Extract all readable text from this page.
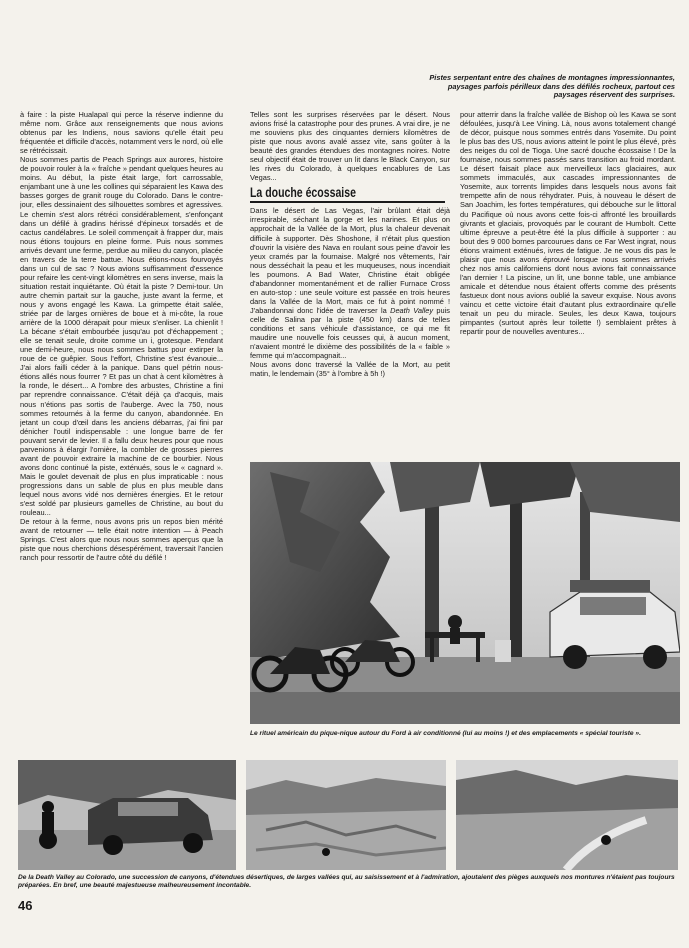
Pistes serpentant entre des chaînes de montagnes impressionnantes, paysages parfois périlleux dans des défilés rocheux, partout ces paysages réservent des surprises.

à faire : la piste Hualapaï qui perce la réserve indienne du même nom. Grâce aux renseignements que nous avions obtenus par les Indiens, nous savions qu'elle était peu fréquentée et difficile d'accès, notamment vers le nord, où elle se rétrécissait.

Nous sommes partis de Peach Springs aux aurores, histoire de pouvoir rouler à la « fraîche » pendant quelques heures au moins. Au début, la piste était large, fort carrossable, enjambant une à une les collines qui séparaient les Kawa des basses gorges de granit rouge du Colorado. Dans le contre-jour, elles dessinaient des silhouettes sombres et agressives. Le chemin s'est alors rétréci considérablement, s'enfonçant dans un défilé à gradins hérissé d'épineux torsadés et de cactus candélabres. Le soleil commençait à frapper dur, mais nous étions toujours en pleine forme. Puis nous sommes arrivés devant une ferme, perdue au milieu du canyon, placée en travers de la terre battue. Nous étions-nous fourvoyés dans un cul de sac ? Nous avions suffisamment d'essence pour refaire les cent-vingt kilomètres en sens inverse, mais la situation restait inquiétante. Où était la piste ? Demi-tour. Un autre chemin partait sur la gauche, juste avant la ferme, et nous y avons engagé les Kawa. La grimpette était salée, striée par de larges ornières de boue et à mi-côte, la roue arrière de la 1000 dérapait pour mieux s'enliser. La chienlit ! La bécane s'était embourbée jusqu'au pot d'échappement ; elle se tenait seule, droite comme un i, grotesque. Pendant une demi-heure, nous nous sommes battus pour extirper la roue de ce guêpier. Sous l'effort, Christine s'est évanouie... J'ai alors failli céder à la panique. Dans quel pétrin nous-étions allés nous fourrer ? Et pas un chat à cent kilomètres à la ronde, le désert... A l'ombre des arbustes, Christine a fini par reprendre connaissance. C'était déjà ça d'acquis, mais nous n'étions pas sortis de l'auberge. Avec la 750, nous sommes retournés à la ferme du canyon, abandonnée. En jetant un coup d'œil dans les anciens débarras, j'ai fini par dénicher l'outil indispensable : une longue barre de fer pouvant servir de levier. Il a fallu deux heures pour que nous parvenions à élargir l'ornière, la combler de grosses pierres avant de pouvoir extraire la machine de ce bourbier. Nous avons donc continué la piste, exténués, sous le « cagnard ». Mais le goulet devenait de plus en plus impraticable : nous progressions dans un sable de plus en plus meuble dans lequel nous avons vidé nos dernières énergies. Et le retour s'est soldé par plusieurs gamelles de Christine, au bout du rouleau...

De retour à la ferme, nous avons pris un repos bien mérité avant de retourner — telle était notre intention — à Peach Springs. C'est alors que nous nous sommes aperçus que la piste que nous cherchions désespérément, traversait l'ancien ranch pour ressortir de l'autre côté du défilé !

Telles sont les surprises réservées par le désert. Nous avions frisé la catastrophe pour des prunes. A vrai dire, je ne me souviens plus des cinquantes derniers kilomètres de piste que nous avons avalé assez vite, sans goûter à la beauté des grandes étendues des montagnes noires. Notre seul objectif était de trouver un lit dans le Black Canyon, sur les rives du Colorado, à quelques encablures de Las Vegas...

La douche écossaise

Dans le désert de Las Vegas, l'air brûlant était déjà irrespirable, séchant la gorge et les narines. Et plus on approchait de la Vallée de la Mort, plus la chaleur devenait difficile à supporter. Dès Shoshone, il n'était plus question d'ouvrir la visière des Nava en roulant sous peine d'avoir les yeux cramés par la fournaise. Malgré nos vêtements, l'air nous desséchait la peau et les muqueuses, nous incendiait les poumons. A Bad Water, Christine était obligée d'abandonner momentanément et de rallier Furnace Cross en auto-stop : une seule voiture est passée en trois heures dans la Vallée de la Mort, mais ce fut à point nommé ! J'abandonnai donc l'idée de traverser la Death Valley puis celle de Salina par la piste (450 km) dans de telles conditions et sans véhicule d'assistance, ce qui me fit maudire une nouvelle fois ceusses qui, à aucun moment, n'avaient montré le dixième des possibilités de la « faible » femme qui m'accompagnait...

Nous avons donc traversé la Vallée de la Mort, au petit matin, le lendemain (35° à l'ombre à 5h !)

pour atterrir dans la fraîche vallée de Bishop où les Kawa se sont défoulées, jusqu'à Lee Vining. Là, nous avons totalement changé de décor, puisque nous sommes entrés dans Yosemite. Du point le plus bas des US, nous avions atteint le point le plus élevé, près des neiges du col de Tioga. Une sacré douche écossaise ! De la fournaise, nous sommes passés sans transition au froid mordant. Le désert faisait place aux merveilleux lacs glaciaires, aux sommets immaculés, aux cascades impressionnantes de Yosemite, aux torrents limpides dans lesquels nous avons fait trempette afin de nous réhydrater. Puis, à nouveau le désert de San Joachim, les fortes températures, qui débouche sur le littoral du Pacifique où nous avons cette fois-ci affronté les brouillards givrants et glaciais, provoqués par le courant de Humbolt. Cette ultime épreuve a peut-être été la plus difficile à supporter : au bout des 9 000 bornes parcourues dans ce Far West ingrat, nous étions vraiment exténués, ivres de fatigue. Je ne vous dis pas le plaisir que nous avons éprouvé lorsque nous sommes arrivés chez nos amis californiens dont nous avions fait connaissance l'an dernier ! La piscine, un lit, une bonne table, une ambiance amicale et détendue nous étaient offerts comme des présents fastueux dont nous avions oublié la saveur exquise. Nous avons vaincu et cette victoire était d'autant plus extraordinaire qu'elle tenait un peu du miracle. Seules, les deux Kawa, toujours pimpantes (surtout après leur toilette !) semblaient prêtes à repartir pour de nouvelles aventures...

Le rituel américain du pique-nique autour du Ford à air conditionné (lui au moins !) et des emplacements « spécial touriste ».
De la Death Valley au Colorado, une succession de canyons, d'étendues désertiques, de larges vallées qui, au saisissement et à l'admiration, ajoutaient des pièges auxquels nos montures n'étaient pas toujours préparées. En bref, une beauté majestueuse malheureusement incontable.
46
